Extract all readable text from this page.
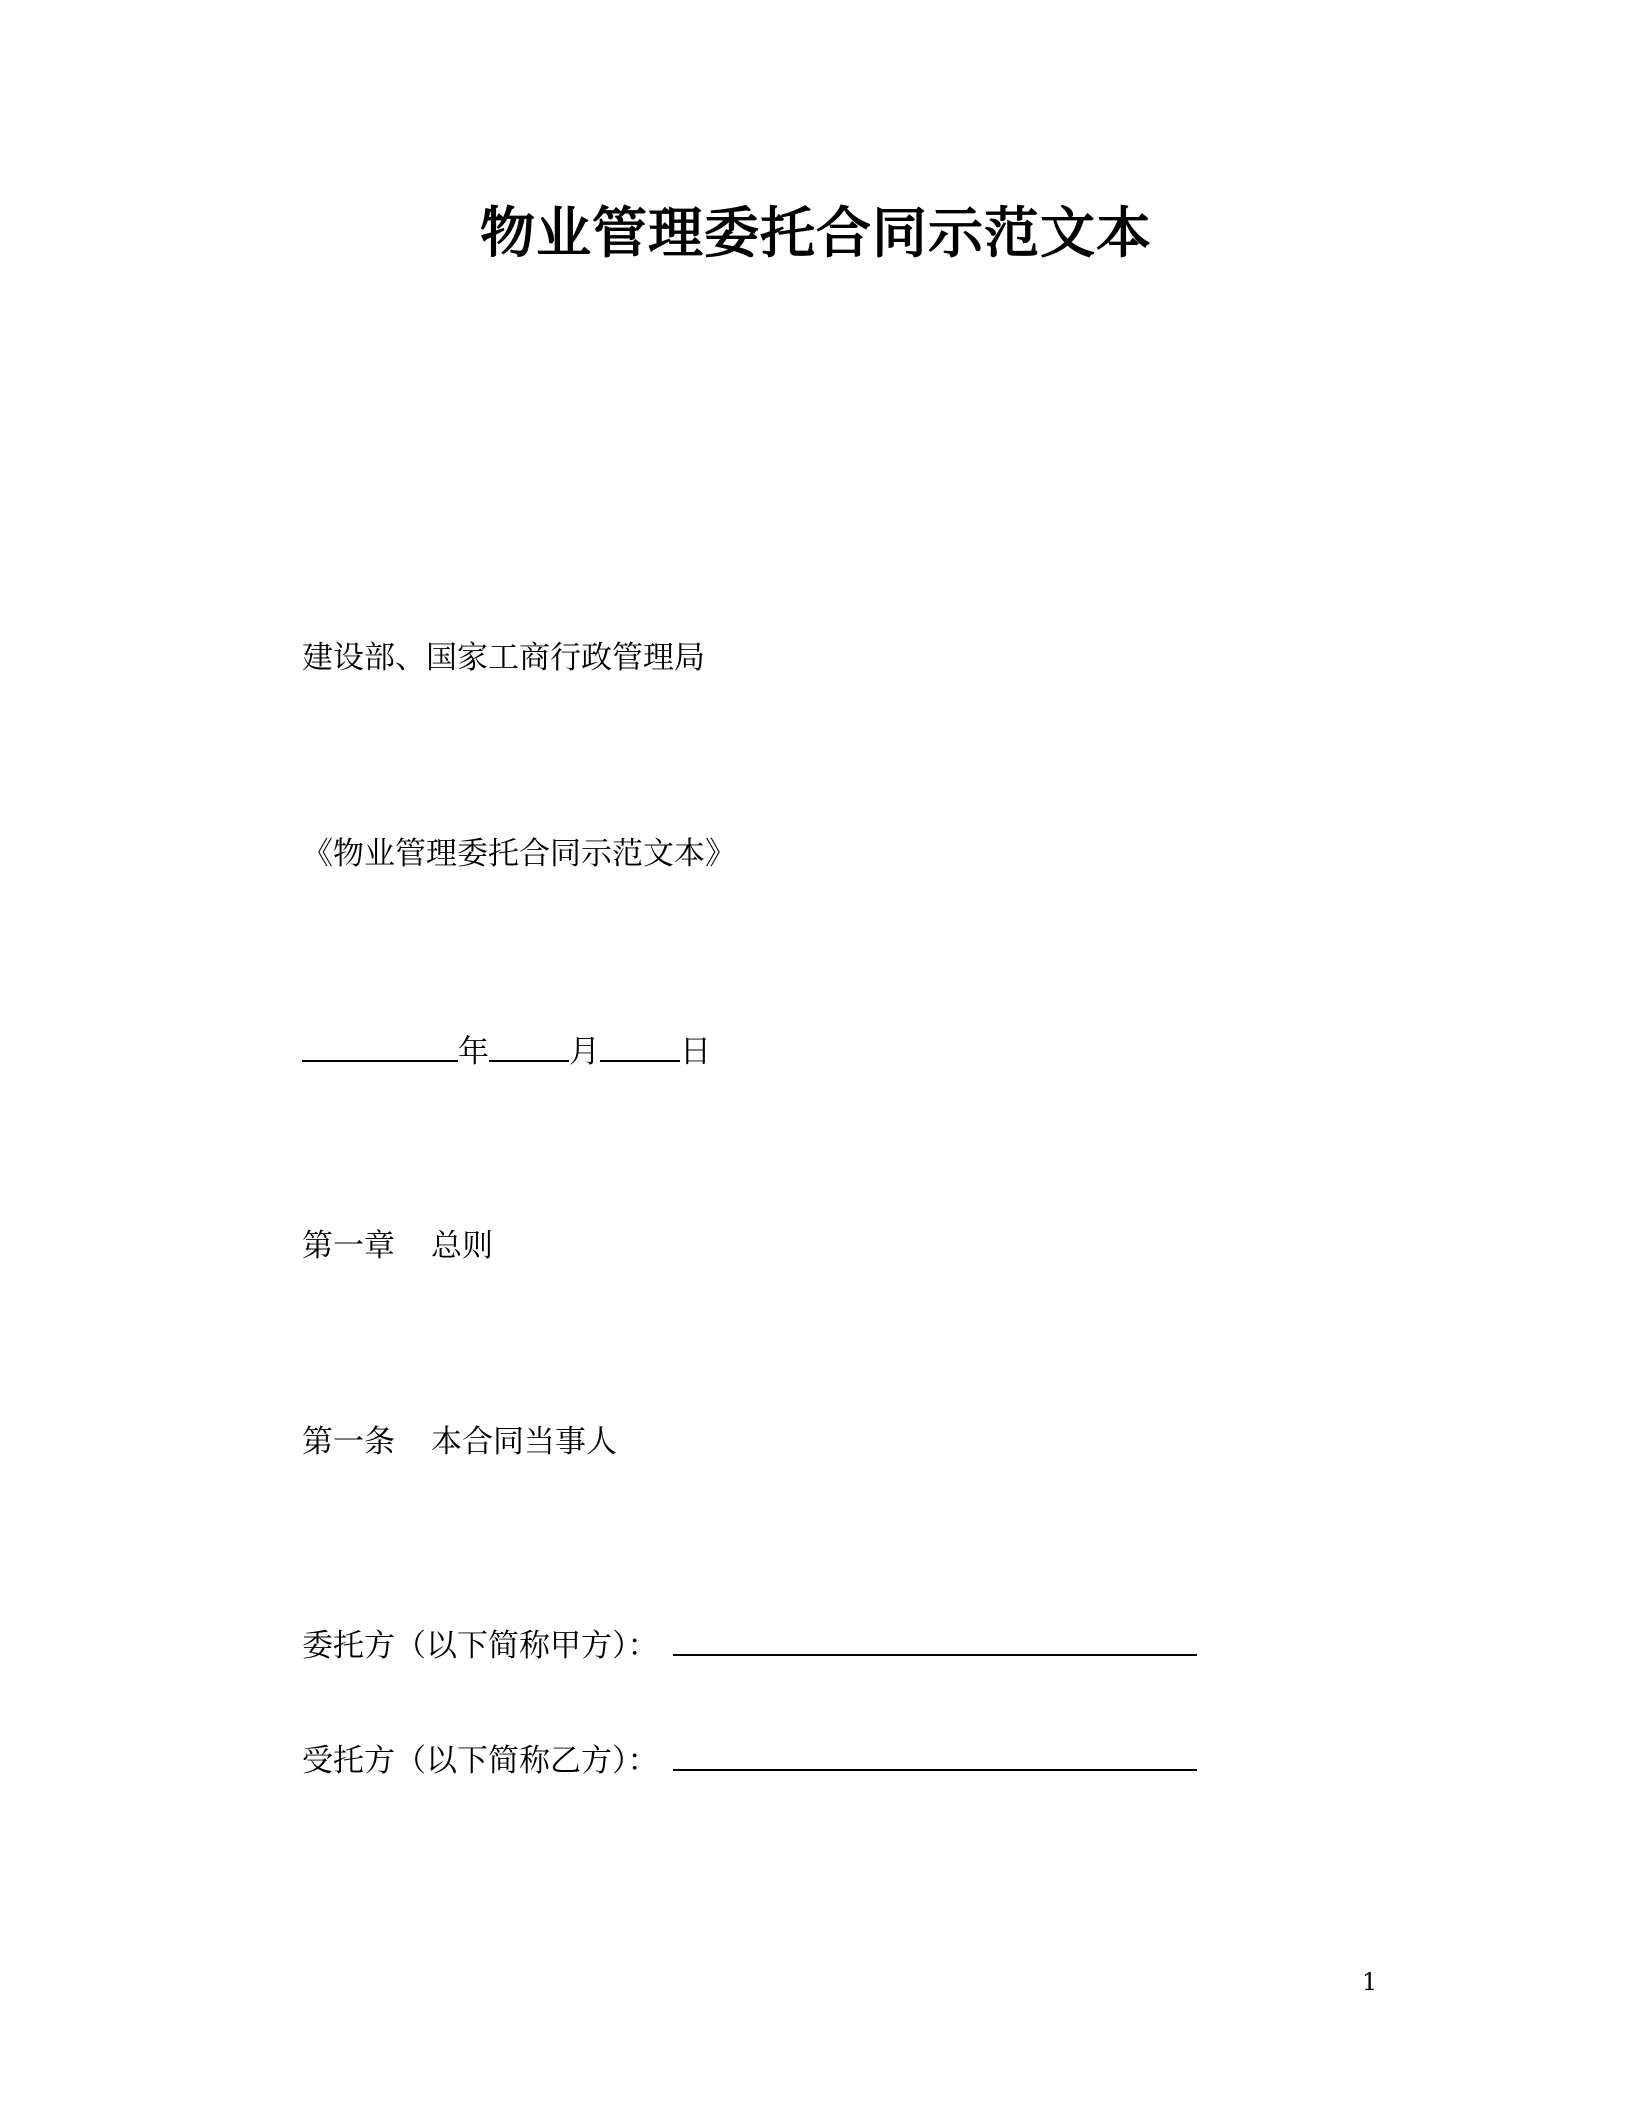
物业管理委托合同示范文本
建设部、国家工商行政管理局
《物业管理委托合同示范文本》
年	月	日
第一章 总则
第一条 本合同当事人
委托方（以下简称甲方）：
受托方（以下简称乙方）：
1
